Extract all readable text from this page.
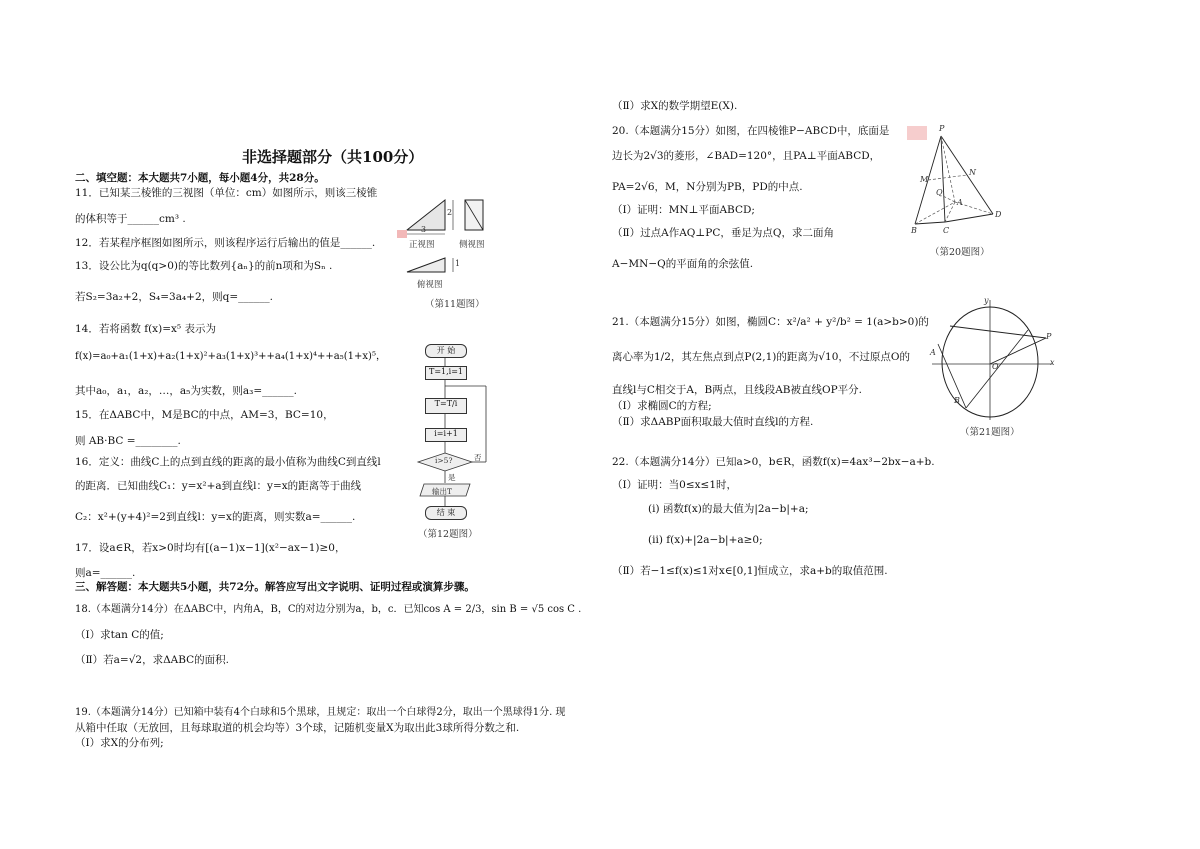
非选择题部分（共100分）
二、填空题：本大题共7小题，每小题4分，共28分。
11．已知某三棱锥的三视图（单位：cm）如图所示，则该三棱锥
的体积等于______cm³ .
12．若某程序框图如图所示，则该程序运行后输出的值是______.
13．设公比为q(q>0)的等比数列{aₙ}的前n项和为Sₙ .
若S₂=3a₂+2，S₄=3a₄+2，则q=______.
14．若将函数 f(x)=x⁵ 表示为
f(x)=a₀+a₁(1+x)+a₂(1+x)²+a₃(1+x)³++a₄(1+x)⁴++a₅(1+x)⁵，
其中a₀，a₁，a₂，…，a₅为实数，则a₃=______.
15．在ΔABC中，M是BC的中点，AM=3，BC=10，
则 AB·BC =________.
16．定义：曲线C上的点到直线的距离的最小值称为曲线C到直线l
的距离．已知曲线C₁：y=x²+a到直线l：y=x的距离等于曲线
C₂：x²+(y+4)²=2到直线l：y=x的距离，则实数a=______.
17．设a∈R，若x>0时均有[(a−1)x−1](x²−ax−1)≥0，
则a=______.
三、解答题：本大题共5小题，共72分。解答应写出文字说明、证明过程或演算步骤。
18.（本题满分14分）在ΔABC中，内角A，B，C的对边分别为a，b，c．已知cos A = 2/3，sin B = √5 cos C .
（Ⅰ）求tan C的值;
（Ⅱ）若a=√2，求ΔABC的面积.
19.（本题满分14分）已知箱中装有4个白球和5个黑球，且规定：取出一个白球得2分，取出一个黑球得1分. 现
从箱中任取（无放回，且每球取道的机会均等）3个球，记随机变量X为取出此3球所得分数之和.
（Ⅰ）求X的分布列;
3
2
1
正视图	侧视图
俯视图
（第11题图）
开 始
T=1,i=1
T=T/i
i=i+1
i>5?	否
是
输出T
结 束
（第12题图）
（Ⅱ）求X的数学期望E(X).
20.（本题满分15分）如图，在四棱锥P−ABCD中，底面是
边长为2√3的菱形，∠BAD=120°，且PA⊥平面ABCD，
PA=2√6，M，N分别为PB，PD的中点.
（Ⅰ）证明：MN⊥平面ABCD;
（Ⅱ）过点A作AQ⊥PC，垂足为点Q，求二面角
A−MN−Q的平面角的余弦值.
P
B	C
D
A
M
N
Q
（第20题图）
21.（本题满分15分）如图，椭圆C：x²/a² + y²/b² = 1(a>b>0)的
离心率为1/2，其左焦点到点P(2,1)的距离为√10，不过原点O的
直线l与C相交于A，B两点，且线段AB被直线OP平分.
（Ⅰ）求椭圆C的方程;
（Ⅱ）求ΔABP面积取最大值时直线l的方程.
y
x
O
P
A
B
（第21题图）
22.（本题满分14分）已知a>0，b∈R，函数f(x)=4ax³−2bx−a+b.
（Ⅰ）证明：当0≤x≤1时，
(i) 函数f(x)的最大值为|2a−b|+a;
(ii) f(x)+|2a−b|+a≥0;
（Ⅱ）若−1≤f(x)≤1对x∈[0,1]恒成立，求a+b的取值范围.
